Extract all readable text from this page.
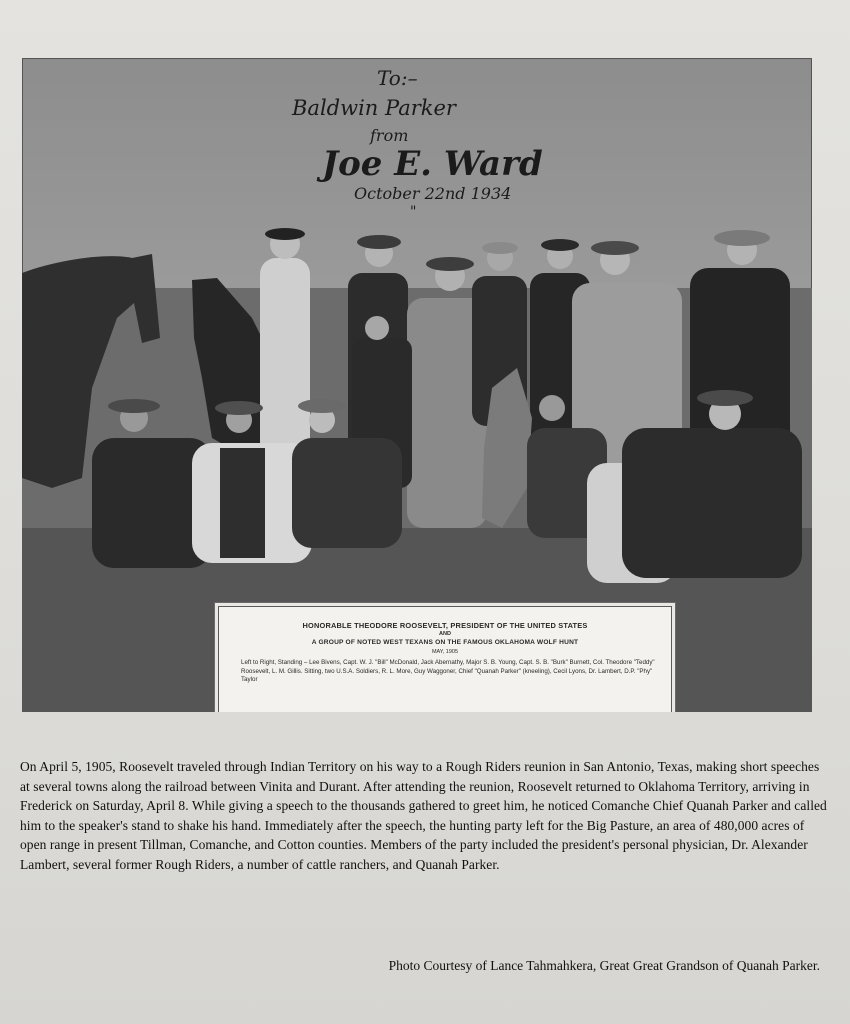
To:–
Baldwin Parker
from
Joe E. Ward
October 22nd 1934
"
HONORABLE THEODORE ROOSEVELT, PRESIDENT OF THE UNITED STATES
AND
A GROUP OF NOTED WEST TEXANS ON THE FAMOUS OKLAHOMA WOLF HUNT
MAY, 1905
Left to Right, Standing – Lee Bivens, Capt. W. J. "Bill" McDonald, Jack Abernathy, Major S. B. Young, Capt. S. B. "Burk" Burnett, Col. Theodore "Teddy" Roosevelt, L. M. Gillis. Sitting, two U.S.A. Soldiers, R. L. More, Guy Waggoner, Chief "Quanah Parker" (kneeling), Cecil Lyons, Dr. Lambert, D.P. "Phy" Taylor
On April 5, 1905, Roosevelt traveled through Indian Territory on his way to a Rough Riders reunion in San Antonio, Texas, making short speeches at several towns along the railroad between Vinita and Durant. After attending the reunion, Roosevelt returned to Oklahoma Territory, arriving in Frederick on Saturday, April 8. While giving a speech to the thousands gathered to greet him, he noticed Comanche Chief Quanah Parker and called him to the speaker's stand to shake his hand. Immediately after the speech, the hunting party left for the Big Pasture, an area of 480,000 acres of open range in present Tillman, Comanche, and Cotton counties. Members of the party included the president's personal physician, Dr. Alexander Lambert, several former Rough Riders, a number of cattle ranchers, and Quanah Parker.
Photo Courtesy of Lance Tahmahkera, Great Great Grandson of Quanah Parker.
